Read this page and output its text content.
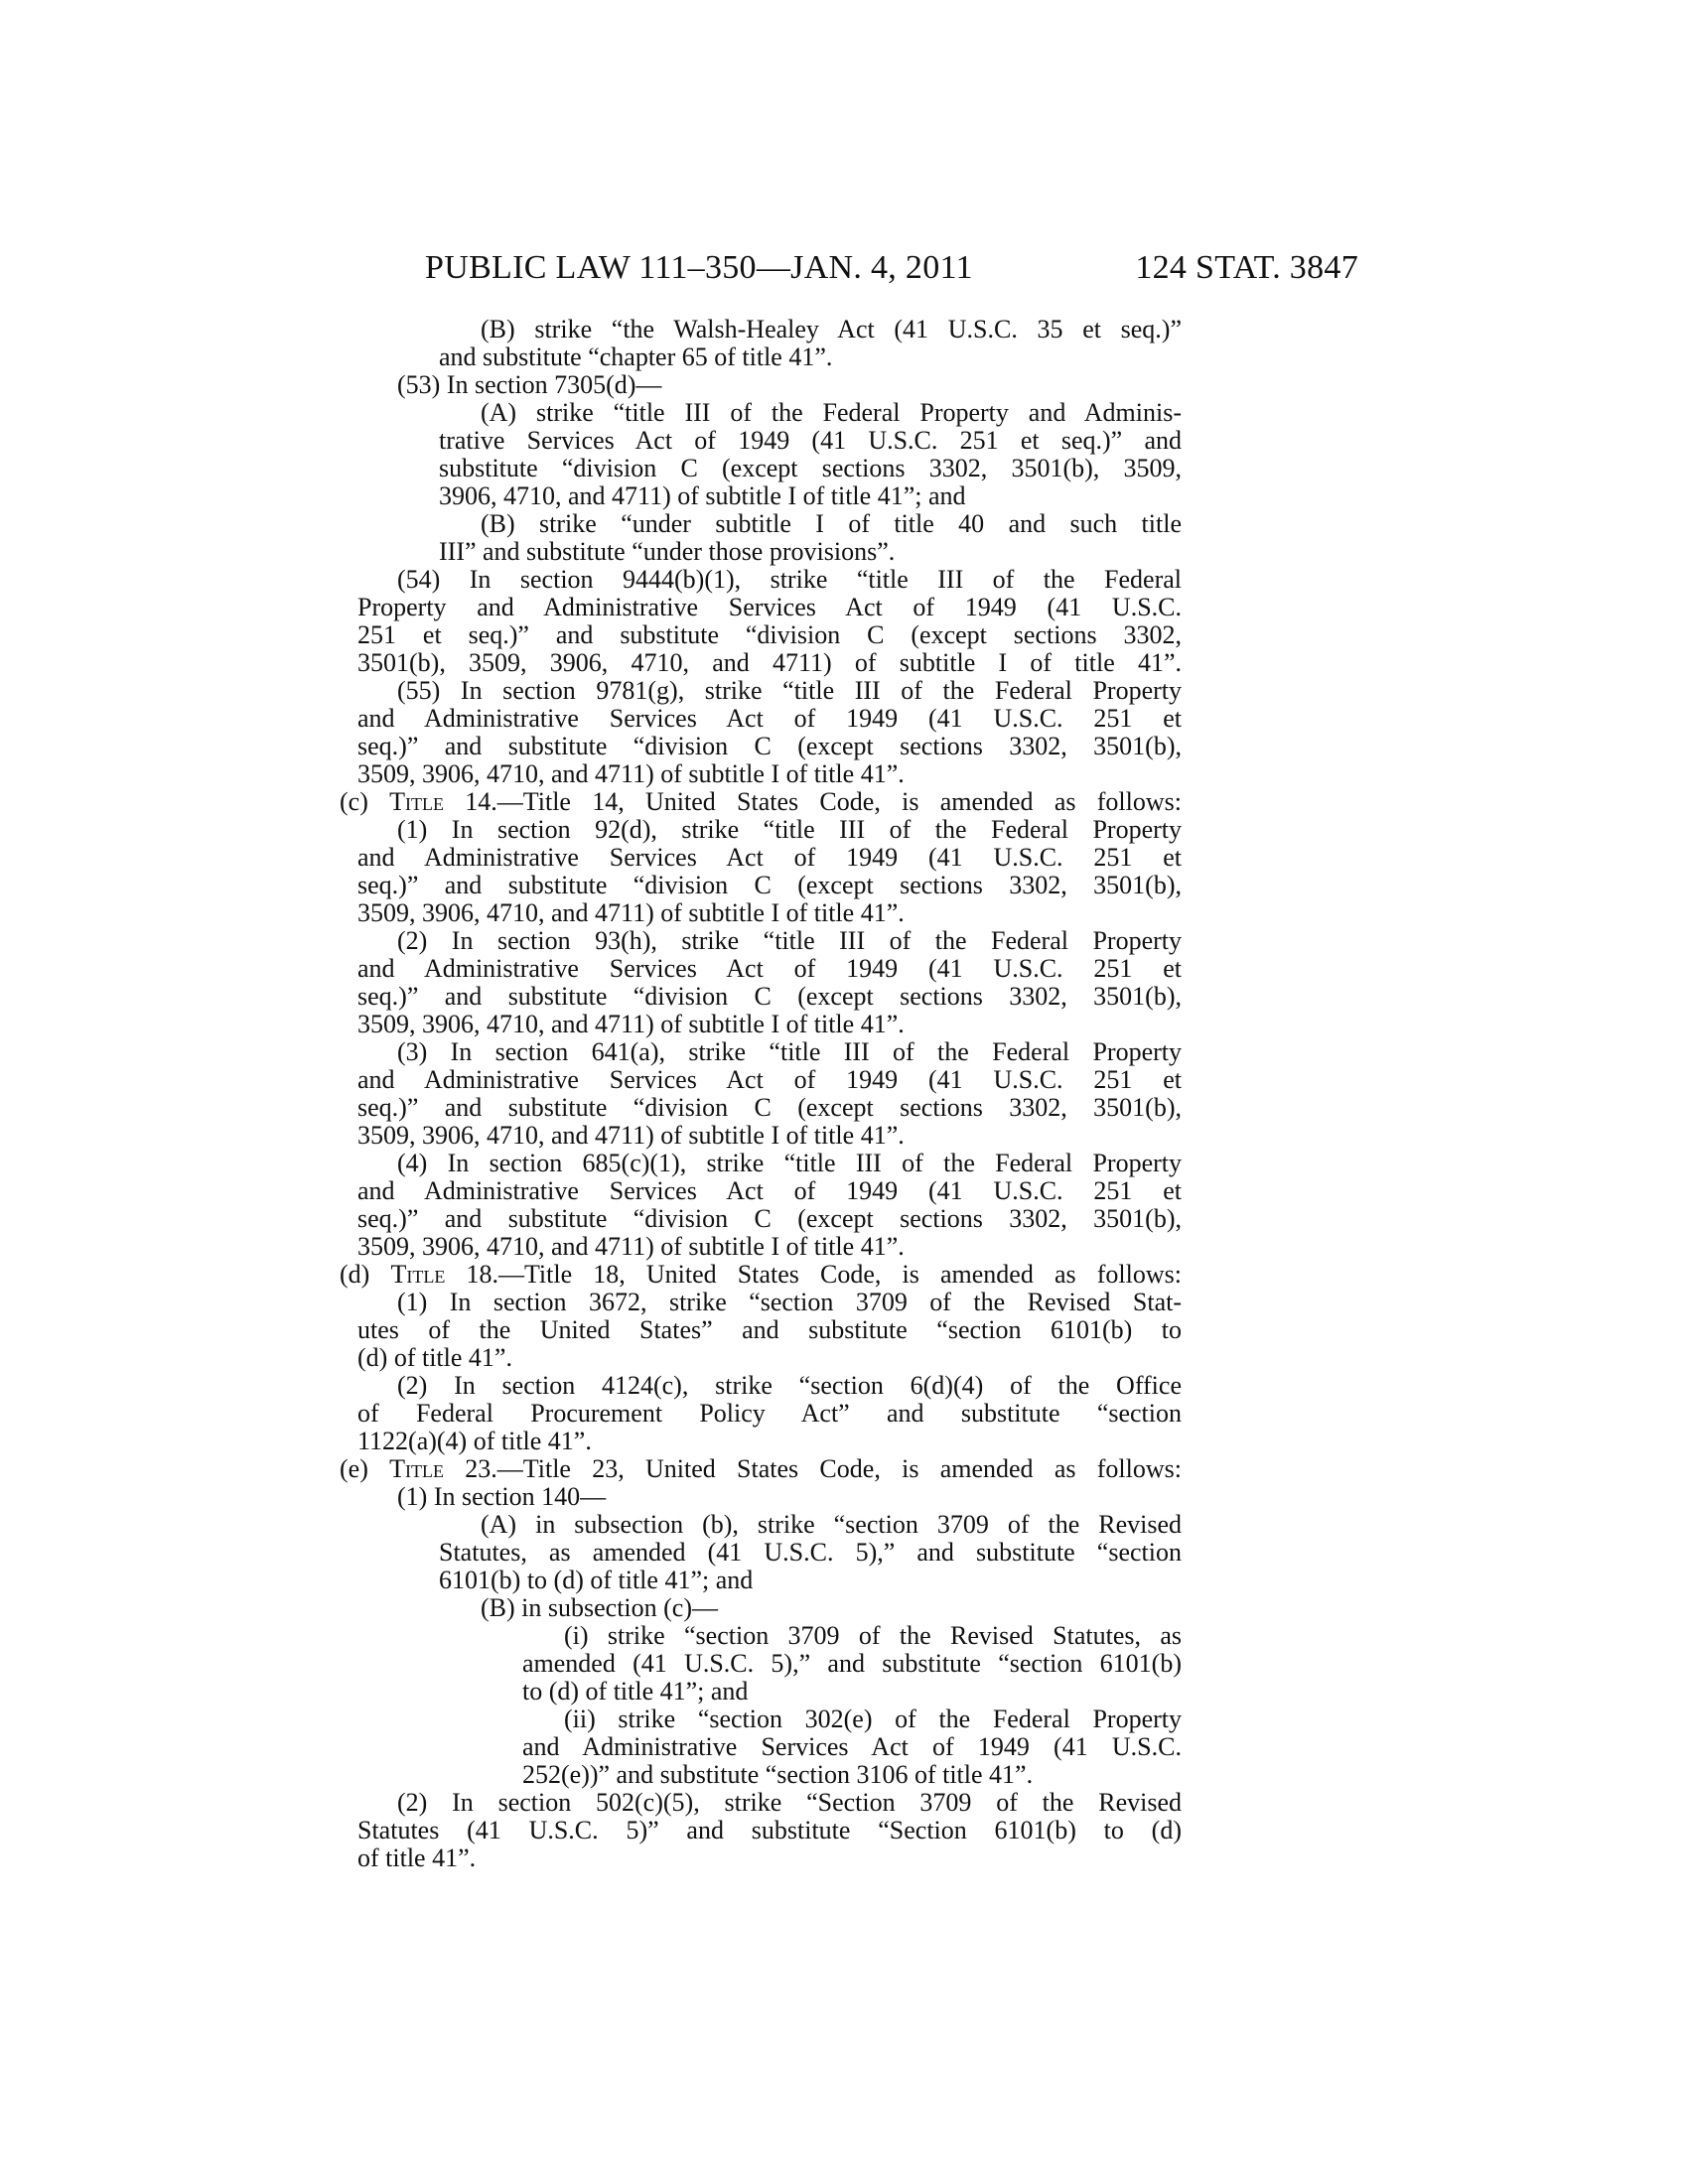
PUBLIC LAW 111–350—JAN. 4, 2011	124 STAT. 3847
(B) strike “the Walsh-Healey Act (41 U.S.C. 35 et seq.)”
and substitute “chapter 65 of title 41”.
(53) In section 7305(d)—
(A) strike “title III of the Federal Property and Adminis-
trative Services Act of 1949 (41 U.S.C. 251 et seq.)” and
substitute “division C (except sections 3302, 3501(b), 3509,
3906, 4710, and 4711) of subtitle I of title 41”; and
(B) strike “under subtitle I of title 40 and such title
III” and substitute “under those provisions”.
(54) In section 9444(b)(1), strike “title III of the Federal
Property and Administrative Services Act of 1949 (41 U.S.C.
251 et seq.)” and substitute “division C (except sections 3302,
3501(b), 3509, 3906, 4710, and 4711) of subtitle I of title 41”.
(55) In section 9781(g), strike “title III of the Federal Property
and Administrative Services Act of 1949 (41 U.S.C. 251 et
seq.)” and substitute “division C (except sections 3302, 3501(b),
3509, 3906, 4710, and 4711) of subtitle I of title 41”.
(c) Title 14.—Title 14, United States Code, is amended as follows:
(1) In section 92(d), strike “title III of the Federal Property
and Administrative Services Act of 1949 (41 U.S.C. 251 et
seq.)” and substitute “division C (except sections 3302, 3501(b),
3509, 3906, 4710, and 4711) of subtitle I of title 41”.
(2) In section 93(h), strike “title III of the Federal Property
and Administrative Services Act of 1949 (41 U.S.C. 251 et
seq.)” and substitute “division C (except sections 3302, 3501(b),
3509, 3906, 4710, and 4711) of subtitle I of title 41”.
(3) In section 641(a), strike “title III of the Federal Property
and Administrative Services Act of 1949 (41 U.S.C. 251 et
seq.)” and substitute “division C (except sections 3302, 3501(b),
3509, 3906, 4710, and 4711) of subtitle I of title 41”.
(4) In section 685(c)(1), strike “title III of the Federal Property
and Administrative Services Act of 1949 (41 U.S.C. 251 et
seq.)” and substitute “division C (except sections 3302, 3501(b),
3509, 3906, 4710, and 4711) of subtitle I of title 41”.
(d) Title 18.—Title 18, United States Code, is amended as follows:
(1) In section 3672, strike “section 3709 of the Revised Stat-
utes of the United States” and substitute “section 6101(b) to
(d) of title 41”.
(2) In section 4124(c), strike “section 6(d)(4) of the Office
of Federal Procurement Policy Act” and substitute “section
1122(a)(4) of title 41”.
(e) Title 23.—Title 23, United States Code, is amended as follows:
(1) In section 140—
(A) in subsection (b), strike “section 3709 of the Revised
Statutes, as amended (41 U.S.C. 5),” and substitute “section
6101(b) to (d) of title 41”; and
(B) in subsection (c)—
(i) strike “section 3709 of the Revised Statutes, as
amended (41 U.S.C. 5),” and substitute “section 6101(b)
to (d) of title 41”; and
(ii) strike “section 302(e) of the Federal Property
and Administrative Services Act of 1949 (41 U.S.C.
252(e))” and substitute “section 3106 of title 41”.
(2) In section 502(c)(5), strike “Section 3709 of the Revised
Statutes (41 U.S.C. 5)” and substitute “Section 6101(b) to (d)
of title 41”.
